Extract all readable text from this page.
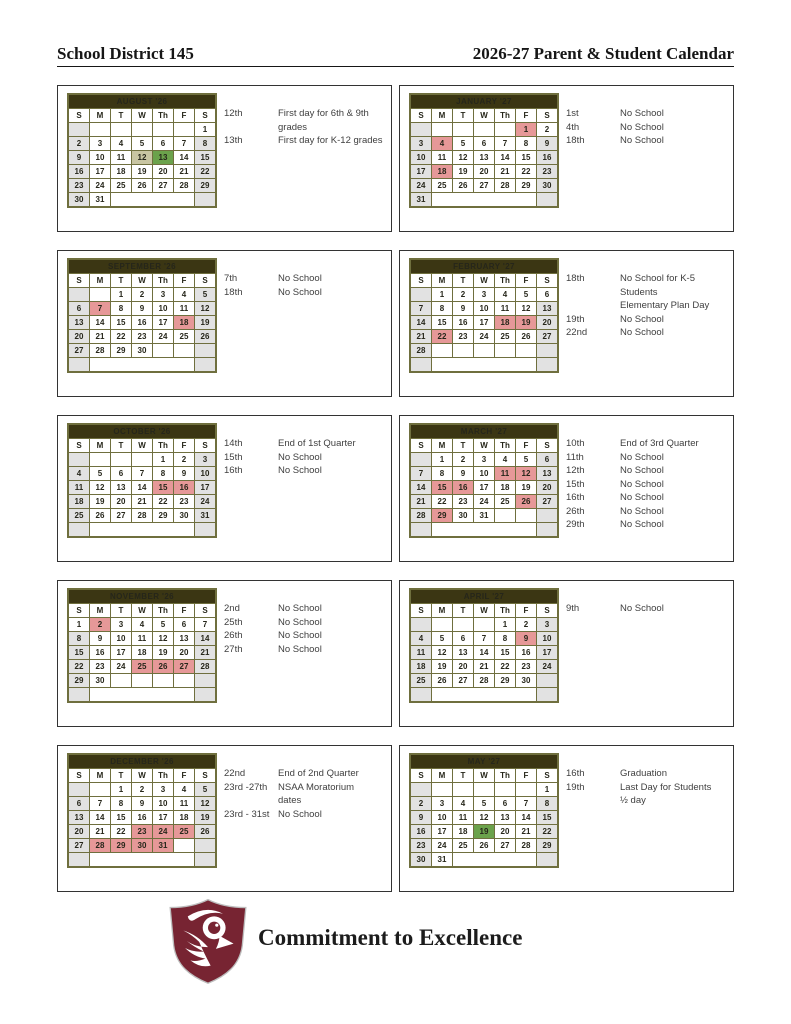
School District 145	2026-27 Parent & Student Calendar
AUGUST '26						
S	M	T	W	Th	F	S
						1
2	3	4	5	6	7	8
9	10	11	12	13	14	15
16	17	18	19	20	21	22
23	24	25	26	27	28	29
30	31					
12th	First day for 6th & 9th
grades
13th	First day for K-12 grades
JANUARY '27						
S	M	T	W	Th	F	S
					1	2
3	4	5	6	7	8	9
10	11	12	13	14	15	16
17	18	19	20	21	22	23
24	25	26	27	28	29	30
31						
1st	No School
4th	No School
18th	No School
SEPTEMBER '26						
S	M	T	W	Th	F	S
		1	2	3	4	5
6	7	8	9	10	11	12
13	14	15	16	17	18	19
20	21	22	23	24	25	26
27	28	29	30			

7th	No School
18th	No School
FEBRUARY '27						
S	M	T	W	Th	F	S
	1	2	3	4	5	6
7	8	9	10	11	12	13
14	15	16	17	18	19	20
21	22	23	24	25	26	27
28						

18th	No School for K-5
Students
Elementary Plan Day
19th	No School
22nd	No School
OCTOBER '26						
S	M	T	W	Th	F	S
				1	2	3
4	5	6	7	8	9	10
11	12	13	14	15	16	17
18	19	20	21	22	23	24
25	26	27	28	29	30	31

14th	End of 1st Quarter
15th	No School
16th	No School
MARCH '27						
S	M	T	W	Th	F	S
	1	2	3	4	5	6
7	8	9	10	11	12	13
14	15	16	17	18	19	20
21	22	23	24	25	26	27
28	29	30	31			

10th	End of 3rd Quarter
11th	No School
12th	No School
15th	No School
16th	No School
26th	No School
29th	No School
NOVEMBER '26						
S	M	T	W	Th	F	S
1	2	3	4	5	6	7
8	9	10	11	12	13	14
15	16	17	18	19	20	21
22	23	24	25	26	27	28
29	30					

2nd	No School
25th	No School
26th	No School
27th	No School
APRIL '27						
S	M	T	W	Th	F	S
				1	2	3
4	5	6	7	8	9	10
11	12	13	14	15	16	17
18	19	20	21	22	23	24
25	26	27	28	29	30	

9th	No School
DECEMBER '26						
S	M	T	W	Th	F	S
		1	2	3	4	5
6	7	8	9	10	11	12
13	14	15	16	17	18	19
20	21	22	23	24	25	26
27	28	29	30	31		

22nd	End of 2nd Quarter
23rd -27th	NSAA Moratorium
dates
23rd - 31st No School
MAY '27						
S	M	T	W	Th	F	S
						1
2	3	4	5	6	7	8
9	10	11	12	13	14	15
16	17	18	19	20	21	22
23	24	25	26	27	28	29
30	31					
16th	Graduation
19th	Last Day for Students
½ day
Commitment to Excellence
